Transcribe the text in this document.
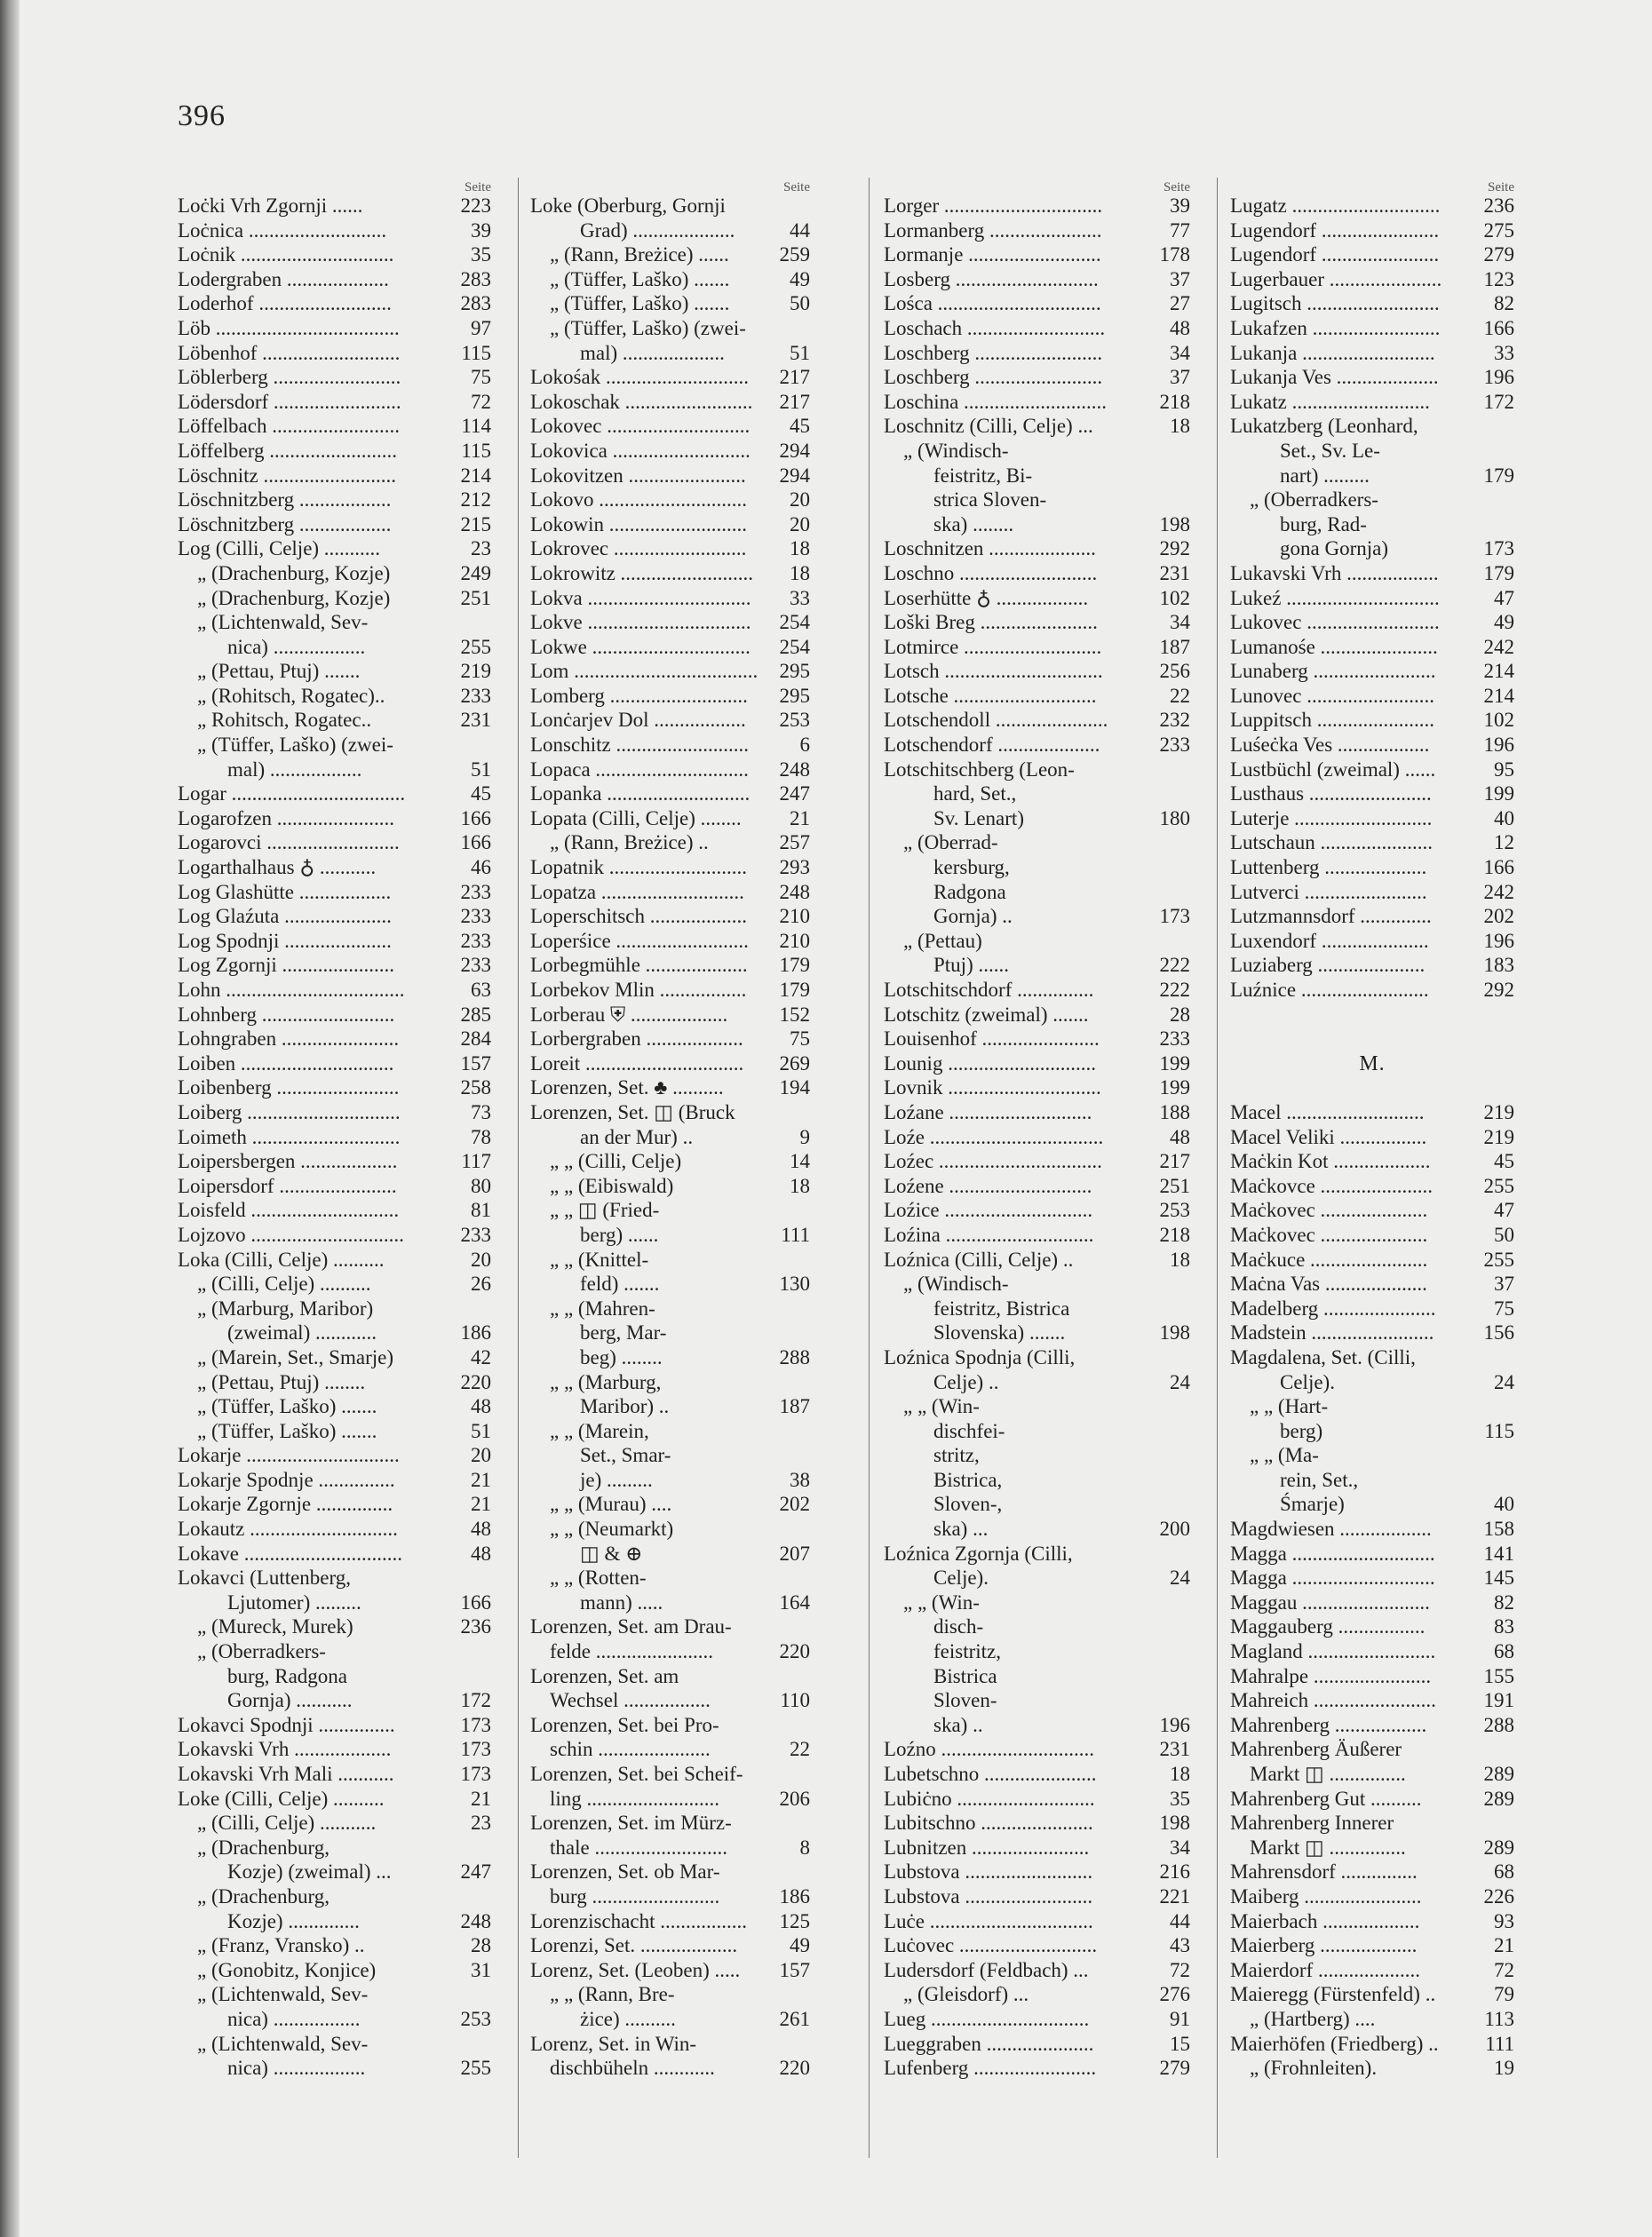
396
Seite
Loċki Vrh Zgornji ......	223
Loċnica ...........................	39
Loċnik ..............................	35
Lodergraben ....................	283
Loderhof ..........................	283
Löb ....................................	97
Löbenhof ...........................	115
Löblerberg .........................	75
Lödersdorf .........................	72
Löffelbach .........................	114
Löffelberg .........................	115
Löschnitz ..........................	214
Löschnitzberg ..................	212
Löschnitzberg ..................	215
Log (Cilli, Celje) ...........	23
„ (Drachenburg, Kozje)	249
„ (Drachenburg, Kozje)	251
„ (Lichtenwald, Sev-
nica) ..................	255
„ (Pettau, Ptuj) .......	219
„ (Rohitsch, Rogatec)..	233
„ Rohitsch, Rogatec..	231
„ (Tüffer, Laško) (zwei-
mal) ..................	51
Logar ..................................	45
Logarofzen .......................	166
Logarovci ..........................	166
Logarthalhaus ♁ ...........	46
Log Glashütte ..................	233
Log Glaźuta .....................	233
Log Spodnji .....................	233
Log Zgornji ......................	233
Lohn ...................................	63
Lohnberg ..........................	285
Lohngraben .......................	284
Loiben ..............................	157
Loibenberg ........................	258
Loiberg ..............................	73
Loimeth .............................	78
Loipersbergen ...................	117
Loipersdorf .......................	80
Loisfeld .............................	81
Lojzovo ..............................	233
Loka (Cilli, Celje) ..........	20
„ (Cilli, Celje) ..........	26
„ (Marburg, Maribor)
(zweimal) ............	186
„ (Marein, Set., Smarje)	42
„ (Pettau, Ptuj) ........	220
„ (Tüffer, Laško) .......	48
„ (Tüffer, Laško) .......	51
Lokarje ..............................	20
Lokarje Spodnje ...............	21
Lokarje Zgornje ...............	21
Lokautz .............................	48
Lokave ...............................	48
Lokavci (Luttenberg,
Ljutomer) .........	166
„ (Mureck, Murek)	236
„ (Oberradkers-
burg, Radgona
Gornja) ...........	172
Lokavci Spodnji ...............	173
Lokavski Vrh ...................	173
Lokavski Vrh Mali ...........	173
Loke (Cilli, Celje) ..........	21
„ (Cilli, Celje) ...........	23
„ (Drachenburg,
Kozje) (zweimal) ...	247
„ (Drachenburg,
Kozje) ..............	248
„ (Franz, Vransko) ..	28
„ (Gonobitz, Konjice)	31
„ (Lichtenwald, Sev-
nica) .................	253
„ (Lichtenwald, Sev-
nica) ..................	255
Seite
Loke (Oberburg, Gornji
Grad) ....................	44
„ (Rann, Breżice) ...... 259
„ (Tüffer, Laško) .......	49
„ (Tüffer, Laško) .......	50
„ (Tüffer, Laško) (zwei-
mal) ....................	51
Lokośak ............................ 217
Lokoschak ......................... 217
Lokovec ............................ 45
Lokovica ........................... 294
Lokovitzen ....................... 294
Lokovo ............................. 20
Lokowin ........................... 20
Lokrovec .......................... 18
Lokrowitz .......................... 18
Lokva ................................ 33
Lokve ................................ 254
Lokwe ............................... 254
Lom .................................... 295
Lomberg ........................... 295
Lonċarjev Dol .................. 253
Lonschitz ..........................	6
Lopaca .............................. 248
Lopanka ............................ 247
Lopata (Cilli, Celje) ........ 21
„ (Rann, Breżice) ..	257
Lopatnik ........................... 293
Lopatza ............................ 248
Loperschitsch ................... 210
Loperśice .......................... 210
Lorbegmühle .................... 179
Lorbekov Mlin ................. 179
Lorberau ⛨ ...................	152
Lorbergraben ................... 75
Loreit ............................... 269
Lorenzen, Set. ♣ ..........	194
Lorenzen, Set. ◫ (Bruck
an der Mur) ..	9
„ „ (Cilli, Celje)	14
„ „ (Eibiswald)	18
„ „ ◫ (Fried-
berg) ......	111
„ „ (Knittel-
feld) .......	130
„ „ (Mahren-
berg, Mar-
beg) ........	288
„ „ (Marburg,
Maribor) ..	187
„ „ (Marein,
Set., Smar-
je) .........	38
„ „ (Murau) ....	202
„ „ (Neumarkt)
◫ & ⊕	207
„ „ (Rotten-
mann) .....	164
Lorenzen, Set. am Drau-
felde .......................	220
Lorenzen, Set. am
Wechsel .................	110
Lorenzen, Set. bei Pro-
schin ......................	22
Lorenzen, Set. bei Scheif-
ling ..........................	206
Lorenzen, Set. im Mürz-
thale ..........................	8
Lorenzen, Set. ob Mar-
burg .........................	186
Lorenzischacht ................. 125
Lorenzi, Set. ...................	49
Lorenz, Set. (Leoben) ..... 157
„ „ (Rann, Bre-
żice) ..........	261
Lorenz, Set. in Win-
dischbüheln ............	220
Seite
Lorger ...............................	39
Lormanberg ......................	77
Lormanje ..........................	178
Losberg ............................	37
Lośca ................................	27
Loschach ...........................	48
Loschberg .........................	34
Loschberg .........................	37
Loschina ............................	218
Loschnitz (Cilli, Celje) ...	18
„ (Windisch-
feistritz, Bi-
strica Sloven-
ska) ........	198
Loschnitzen .....................	292
Loschno ...........................	231
Loserhütte ♁ ..................	102
Loški Breg .......................	34
Lotmirce ...........................	187
Lotsch ...............................	256
Lotsche ............................	22
Lotschendoll ......................	232
Lotschendorf ....................	233
Lotschitschberg (Leon-
hard, Set.,
Sv. Lenart)	180
„ (Oberrad-
kersburg,
Radgona
Gornja) ..	173
„ (Pettau)
Ptuj) ......	222
Lotschitschdorf ...............	222
Lotschitz (zweimal) .......	28
Louisenhof .......................	233
Lounig .............................	199
Lovnik ..............................	199
Loźane ............................	188
Loźe ..................................	48
Loźec ................................	217
Loźene ............................	251
Loźice .............................	253
Loźina .............................	218
Loźnica (Cilli, Celje) ..	18
„ (Windisch-
feistritz, Bistrica
Slovenska) .......	198
Loźnica Spodnja (Cilli,
Celje) ..	24
„ „ (Win-
dischfei-
stritz,
Bistrica,
Sloven-,
ska) ...	200
Loźnica Zgornja (Cilli,
Celje).	24
„ „ (Win-
disch-
feistritz,
Bistrica
Sloven-
ska) ..	196
Loźno ..............................	231
Lubetschno ......................	18
Lubiċno ...........................	35
Lubitschno ......................	198
Lubnitzen .......................	34
Lubstova .........................	216
Lubstova .........................	221
Luċe ................................	44
Luċovec ...........................	43
Ludersdorf (Feldbach) ...	72
„ (Gleisdorf) ...	276
Lueg ...............................	91
Lueggraben .....................	15
Lufenberg ........................	279
Seite
Lugatz ............................. 236
Lugendorf ....................... 275
Lugendorf ....................... 279
Lugerbauer ...................... 123
Lugitsch ..........................	82
Lukafzen ......................... 166
Lukanja ..........................	33
Lukanja Ves .................... 196
Lukatz ...........................	172
Lukatzberg (Leonhard,
Set., Sv. Le-
nart) .........	179
„ (Oberradkers-
burg, Rad-
gona Gornja)	173
Lukavski Vrh .................. 179
Lukeź ..............................	47
Lukovec ..........................	49
Lumanośe ....................... 242
Lunaberg ........................ 214
Lunovec ......................... 214
Luppitsch ....................... 102
Luśeċka Ves ..................	196
Lustbüchl (zweimal) ......	95
Lusthaus ........................	199
Luterje ...........................	40
Lutschaun ......................	12
Luttenberg ....................	166
Lutverci ........................	242
Lutzmannsdorf ..............	202
Luxendorf .....................	196
Luziaberg .....................	183
Luźnice .........................	292
M.
Macel ...........................	219
Macel Veliki .................	219
Maċkin Kot ...................	45
Maċkovce ...................... 255
Maċkovec .....................	47
Maċkovec .....................	50
Maċkuce .......................	255
Maċna Vas ....................	37
Madelberg ......................	75
Madstein ........................ 156
Magdalena, Set. (Cilli,
Celje).	24
„ „ (Hart-
berg)	115
„ „ (Ma-
rein, Set.,
Śmarje)	40
Magdwiesen ..................	158
Magga ............................ 141
Magga ............................ 145
Maggau .........................	82
Maggauberg .................	83
Magland .........................	68
Mahralpe .......................	155
Mahreich ........................ 191
Mahrenberg ..................	288
Mahrenberg Äußerer
Markt ◫ ...............	289
Mahrenberg Gut ..........	289
Mahrenberg Innerer
Markt ◫ ...............	289
Mahrensdorf ...............	68
Maiberg .......................	226
Maierbach ...................	93
Maierberg ...................	21
Maierdorf ....................	72
Maieregg (Fürstenfeld) ..	79
„ (Hartberg) ....	113
Maierhöfen (Friedberg) .. 111
„ (Frohnleiten).	19
